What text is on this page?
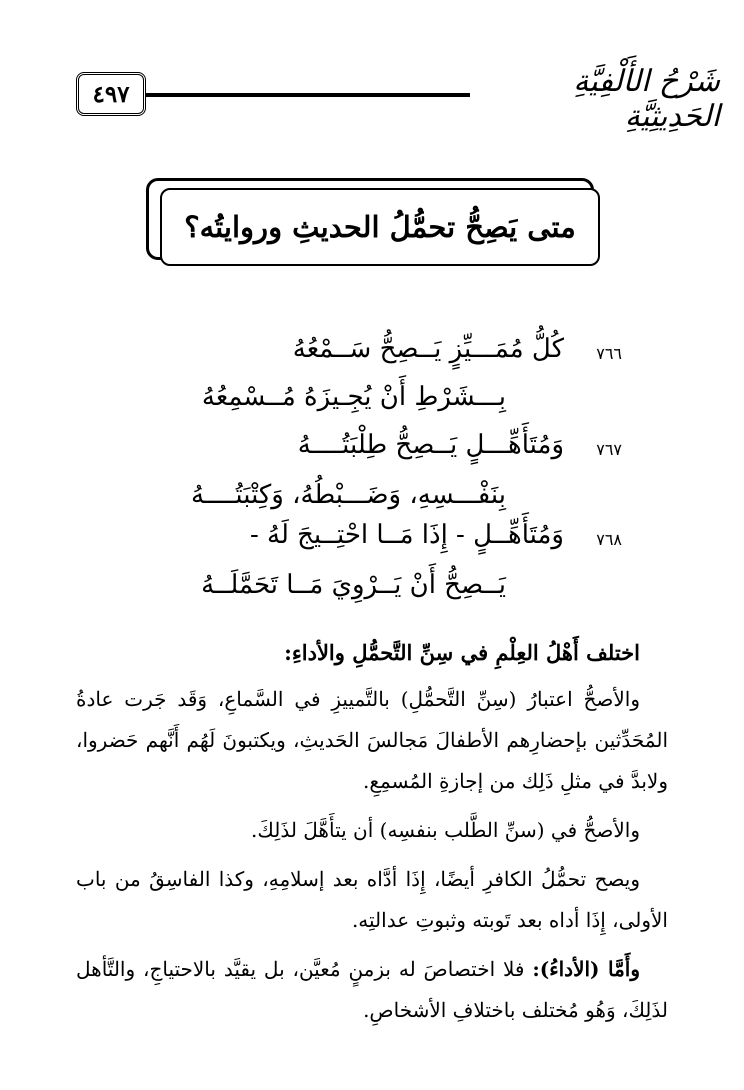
٤٩٧	شَرْحُ الأَلْفِيَّةِ الحَدِيثِيَّةِ
متى يَصِحُّ تحمُّلُ الحديثِ وروايتُه؟
٧٦٦
كُلُّ مُمَـــيِّزٍ يَــصِحُّ سَــمْعُهُ
بِـــشَرْطِ أَنْ يُجِـيزَهُ مُــسْمِعُهُ
٧٦٧
وَمُتَأَهِّـــلٍ يَــصِحُّ طِلْبَتُــــهُ
بِنَفْـــسِهِ، وَضَـــبْطُهُ، وَكِتْبَتُــــهُ
٧٦٨
وَمُتَأَهِّــلٍ - إِذَا مَــا احْتِــيجَ لَهُ -
يَــصِحُّ أَنْ يَــرْوِيَ مَــا تَحَمَّلَــهُ

اختلف أَهْلُ العِلْمِ في سِنِّ التَّحمُّلِ والأداءِ:

والأصحُّ اعتبارُ (سِنِّ التَّحمُّلِ) بالتَّمييزِ في السَّماعِ، وَقَد جَرت عادةُ المُحَدِّثين بإحضارِهم الأطفالَ مَجالسَ الحَديثِ، ويكتبونَ لَهُم أَنَّهم حَضروا، ولابدَّ في مثلِ ذَلِك من إجازةِ المُسمِعِ.

والأصحُّ في (سنِّ الطَّلب بنفسِه) أن يتأَهَّلَ لذَلِكَ.

ويصح تحمُّلُ الكافرِ أيضًا، إِذَا أدَّاه بعد إسلامِهِ، وكذا الفاسِقُ من باب الأولى، إِذَا أداه بعد تَوبته وثبوتِ عدالتِه.

وأَمَّا (الأداءُ): فلا اختصاصَ له بزمنٍ مُعيَّن، بل يقيَّد بالاحتياجِ، والتَّأهل لذَلِكَ، وَهُو مُختلف باختلافِ الأشخاصِ.
